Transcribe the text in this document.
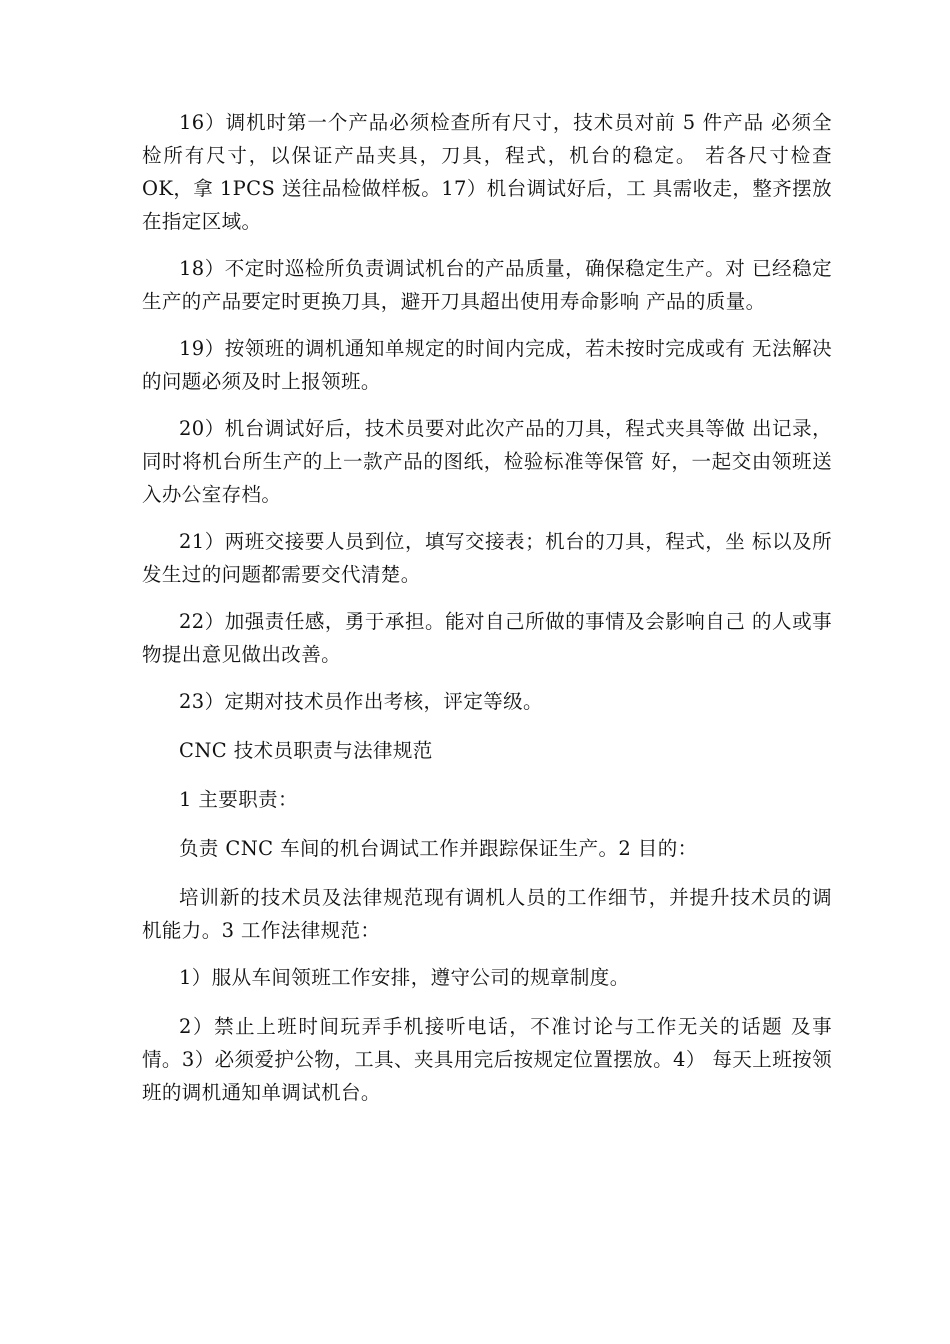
16）调机时第一个产品必须检查所有尺寸，技术员对前 5 件产品 必须全检所有尺寸，以保证产品夹具，刀具，程式，机台的稳定。 若各尺寸检查 OK，拿 1PCS 送往品检做样板。17）机台调试好后，工 具需收走，整齐摆放在指定区域。

18）不定时巡检所负责调试机台的产品质量，确保稳定生产。对 已经稳定生产的产品要定时更换刀具，避开刀具超出使用寿命影响 产品的质量。

19）按领班的调机通知单规定的时间内完成，若未按时完成或有 无法解决的问题必须及时上报领班。

20）机台调试好后，技术员要对此次产品的刀具，程式夹具等做 出记录，同时将机台所生产的上一款产品的图纸，检验标准等保管 好，一起交由领班送入办公室存档。

21）两班交接要人员到位，填写交接表；机台的刀具，程式，坐 标以及所发生过的问题都需要交代清楚。

22）加强责任感，勇于承担。能对自己所做的事情及会影响自己 的人或事物提出意见做出改善。

23）定期对技术员作出考核，评定等级。

CNC 技术员职责与法律规范

1 主要职责：

负责 CNC 车间的机台调试工作并跟踪保证生产。2 目的：

培训新的技术员及法律规范现有调机人员的工作细节，并提升技术员的调机能力。3 工作法律规范：

1）服从车间领班工作安排，遵守公司的规章制度。

2）禁止上班时间玩弄手机接听电话，不准讨论与工作无关的话题 及事情。3）必须爱护公物，工具、夹具用完后按规定位置摆放。4） 每天上班按领班的调机通知单调试机台。
